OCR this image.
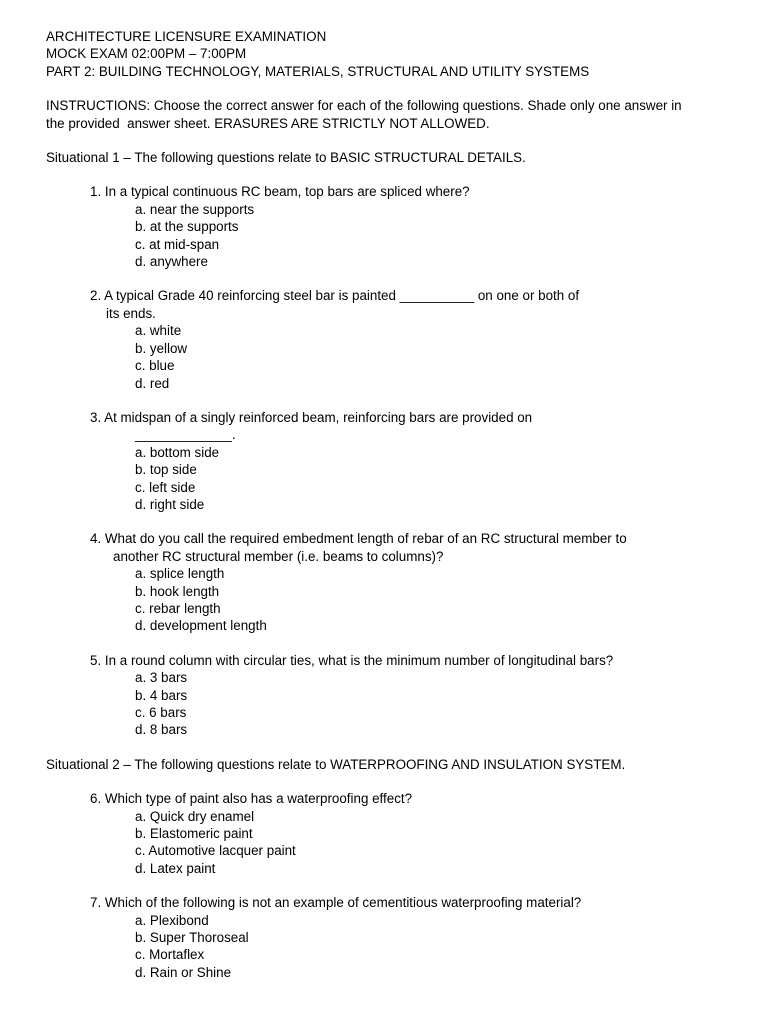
ARCHITECTURE LICENSURE EXAMINATION
MOCK EXAM 02:00PM – 7:00PM
PART 2: BUILDING TECHNOLOGY, MATERIALS, STRUCTURAL AND UTILITY SYSTEMS
INSTRUCTIONS: Choose the correct answer for each of the following questions. Shade only one answer in
the provided  answer sheet. ERASURES ARE STRICTLY NOT ALLOWED.
Situational 1 – The following questions relate to BASIC STRUCTURAL DETAILS.
1. In a typical continuous RC beam, top bars are spliced where?
a. near the supports
b. at the supports
c. at mid-span
d. anywhere
2. A typical Grade 40 reinforcing steel bar is painted __________ on one or both of
its ends.
a. white
b. yellow
c. blue
d. red
3. At midspan of a singly reinforced beam, reinforcing bars are provided on
_____________.
a. bottom side
b. top side
c. left side
d. right side
4. What do you call the required embedment length of rebar of an RC structural member to
another RC structural member (i.e. beams to columns)?
a. splice length
b. hook length
c. rebar length
d. development length
5. In a round column with circular ties, what is the minimum number of longitudinal bars?
a. 3 bars
b. 4 bars
c. 6 bars
d. 8 bars
Situational 2 – The following questions relate to WATERPROOFING AND INSULATION SYSTEM.
6. Which type of paint also has a waterproofing effect?
a. Quick dry enamel
b. Elastomeric paint
c. Automotive lacquer paint
d. Latex paint
7. Which of the following is not an example of cementitious waterproofing material?
a. Plexibond
b. Super Thoroseal
c. Mortaflex
d. Rain or Shine
